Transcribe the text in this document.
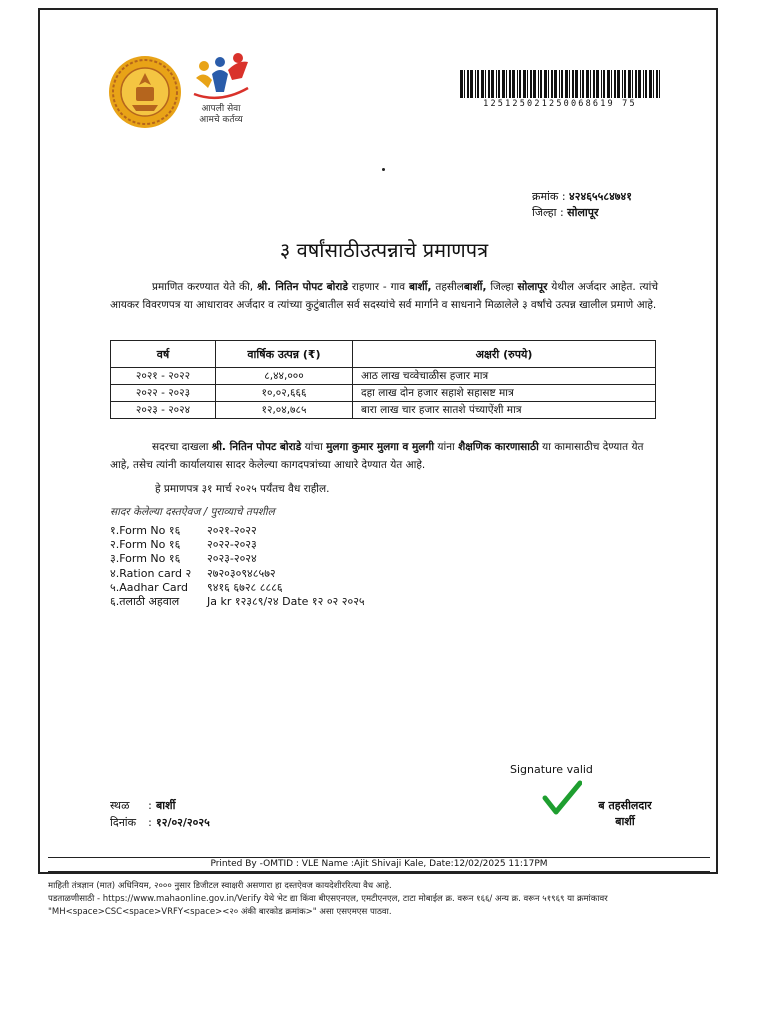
आपली सेवा
आमचे कर्तव्य
125125021250068619 75
क्रमांक : ४२४६५५८४७४१
जिल्हा : सोलापूर
३ वर्षांसाठीउत्पन्नाचे प्रमाणपत्र
प्रमाणित करण्यात येते की, श्री. नितिन पोपट बोराडे राहणार - गाव बार्शी, तहसीलबार्शी, जिल्हा सोलापूर येथील अर्जदार आहेत. त्यांचे आयकर विवरणपत्र या आधारावर अर्जदार व त्यांच्या कुटुंबातील सर्व सदस्यांचे सर्व मार्गाने व साधनाने मिळालेले ३ वर्षांचे उत्पन्न खालील प्रमाणे आहे.
वर्ष	वार्षिक उत्पन्न (₹)	अक्षरी (रुपये)
२०२१ - २०२२	८,४४,०००	आठ लाख चव्वेचाळीस हजार मात्र
२०२२ - २०२३	१०,०२,६६६	दहा लाख दोन हजार सहाशे सहासष्ट मात्र
२०२३ - २०२४	१२,०४,७८५	बारा लाख चार हजार सातशे पंच्याऐंशी मात्र
सदरचा दाखला श्री. नितिन पोपट बोराडे यांचा मुलगा कुमार मुलगा व मुलगी यांना शैक्षणिक कारणासाठी या कामासाठीच देण्यात येत आहे, तसेच त्यांनी कार्यालयास सादर केलेल्या कागदपत्रांच्या आधारे देण्यात येत आहे.
हे प्रमाणपत्र ३१ मार्च २०२५ पर्यंतच वैध राहील.
सादर केलेल्या दस्तऐवज / पुराव्याचे तपशील
१.Form No १६	२०२१-२०२२
२.Form No १६	२०२२-२०२३
३.Form No १६	२०२३-२०२४
४.Ration card २	२७२०३०९४८५७२
५.Aadhar Card	९४१६ ६७२८ ८८८६
६.तलाठी अहवाल	Ja kr १२३८९/२४ Date १२ ०२ २०२५
Signature valid
ब तहसीलदार
बार्शी
स्थळ : बार्शी
दिनांक : १२/०२/२०२५
Printed By -OMTID : VLE Name :Ajit Shivaji Kale, Date:12/02/2025 11:17PM
माहिती तंत्रज्ञान (मात) अधिनियम, २००० नुसार डिजीटल स्वाक्षरी असणारा हा दस्तऐवज कायदेशीररित्या वैध आहे.
पडताळणीसाठी - https://www.mahaonline.gov.in/Verify येथे भेट द्या किंवा बीएसएनएल, एमटीएनएल, टाटा मोबाईल क्र. वरून १६६/ अन्य क्र. वरून ५१९६९ या क्रमांकावर
"MH<space>CSC<space>VRFY<space><२० अंकी बारकोड क्रमांक>" असा एसएमएस पाठवा.
